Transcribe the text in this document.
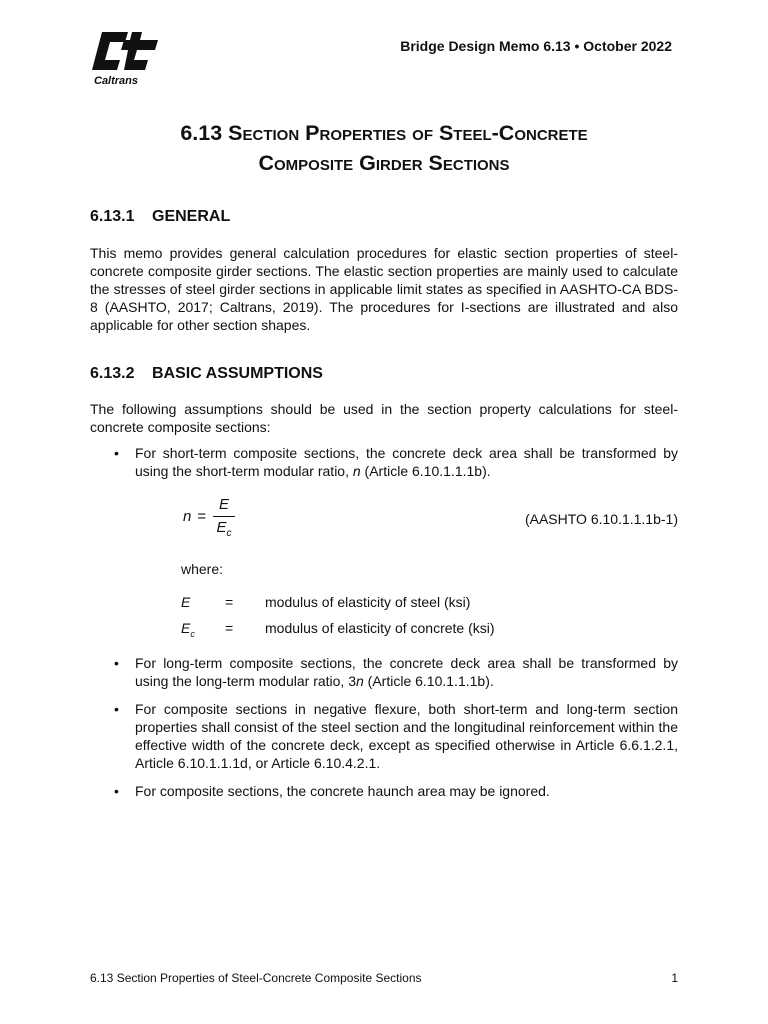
Caltrans
Bridge Design Memo 6.13 • October 2022
6.13 Section Properties of Steel-Concrete
Composite Girder Sections
6.13.1 GENERAL
This memo provides general calculation procedures for elastic section properties of steel-concrete composite girder sections. The elastic section properties are mainly used to calculate the stresses of steel girder sections in applicable limit states as specified in AASHTO-CA BDS-8 (AASHTO, 2017; Caltrans, 2019). The procedures for I-sections are illustrated and also applicable for other section shapes.
6.13.2 BASIC ASSUMPTIONS
The following assumptions should be used in the section property calculations for steel-concrete composite sections:
• For short-term composite sections, the concrete deck area shall be transformed by using the short-term modular ratio, n (Article 6.10.1.1.1b).
n =
E
$E_c$
(AASHTO 6.10.1.1.1b-1)
where:
E	= modulus of elasticity of steel (ksi)
$E_c$	= modulus of elasticity of concrete (ksi)
• For long-term composite sections, the concrete deck area shall be transformed by using the long-term modular ratio, 3n (Article 6.10.1.1.1b).
• For composite sections in negative flexure, both short-term and long-term section properties shall consist of the steel section and the longitudinal reinforcement within the effective width of the concrete deck, except as specified otherwise in Article 6.6.1.2.1, Article 6.10.1.1.1d, or Article 6.10.4.2.1.
• For composite sections, the concrete haunch area may be ignored.
6.13 Section Properties of Steel-Concrete Composite Sections	1
